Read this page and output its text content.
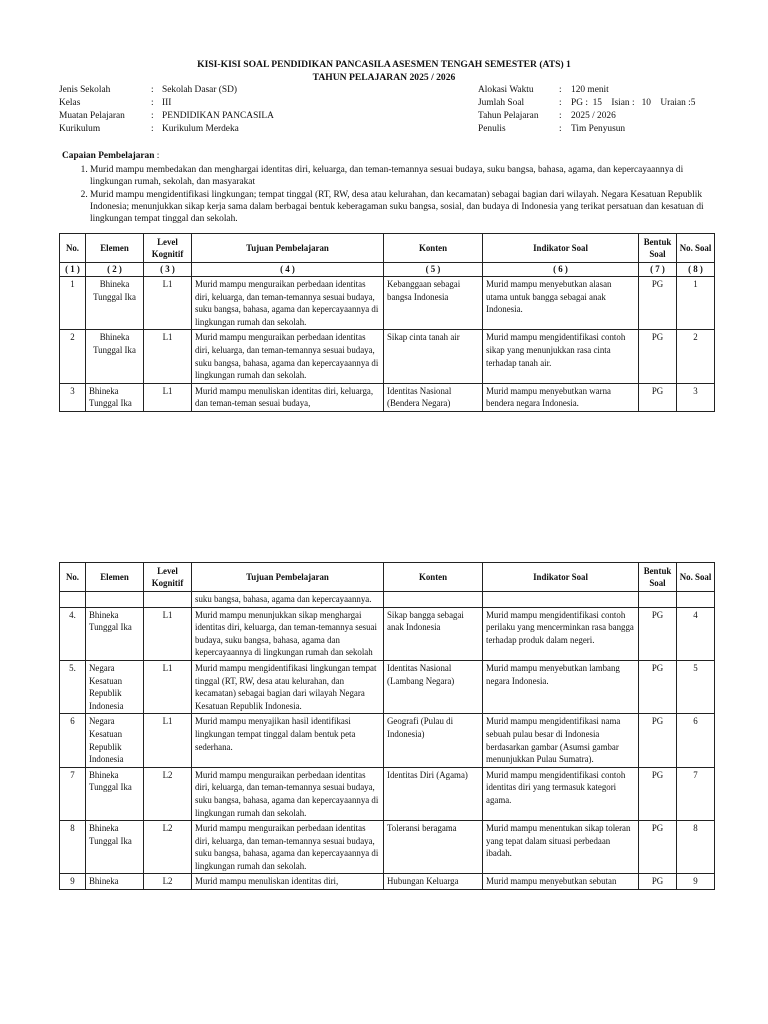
KISI-KISI SOAL PENDIDIKAN PANCASILA ASESMEN TENGAH SEMESTER (ATS) 1
TAHUN PELAJARAN 2025 / 2026
Jenis Sekolah	: Sekolah Dasar (SD)
Kelas	: III
Muatan Pelajaran	: PENDIDIKAN PANCASILA
Kurikulum	: Kurikulum Merdeka
Alokasi Waktu	: 120 menit
Jumlah Soal	: PG :  15    Isian :   10    Uraian :5
Tahun Pelajaran : 2025 / 2026
Penulis	: Tim Penyusun
Capaian Pembelajaran :
1. Murid mampu membedakan dan menghargai identitas diri, keluarga, dan teman-temannya sesuai budaya, suku bangsa, bahasa, agama, dan kepercayaannya di lingkungan rumah, sekolah, dan masyarakat
2. Murid mampu mengidentifikasi lingkungan; tempat tinggal (RT, RW, desa atau kelurahan, dan kecamatan) sebagai bagian dari wilayah. Negara Kesatuan Republik Indonesia; menunjukkan sikap kerja sama dalam berbagai bentuk keberagaman suku bangsa, sosial, dan budaya di Indonesia yang terikat persatuan dan kesatuan di lingkungan tempat tinggal dan sekolah.
No.	Elemen	Level Kognitif	Tujuan Pembelajaran	Konten	Indikator Soal	Bentuk Soal	No. Soal
( 1 )	( 2 )	( 3 )	( 4 )	( 5 )	( 6 )	( 7 )	( 8 )
1	Bhineka Tunggal Ika	L1	Murid mampu menguraikan perbedaan identitas diri, keluarga, dan teman-temannya sesuai budaya, suku bangsa, bahasa, agama dan kepercayaannya di lingkungan rumah dan sekolah.	Kebanggaan sebagai bangsa Indonesia	Murid mampu menyebutkan alasan utama untuk bangga sebagai anak Indonesia.	PG	1
2	Bhineka Tunggal Ika	L1	Murid mampu menguraikan perbedaan identitas diri, keluarga, dan teman-temannya sesuai budaya, suku bangsa, bahasa, agama dan kepercayaannya di lingkungan rumah dan sekolah.	Sikap cinta tanah air	Murid mampu mengidentifikasi contoh sikap yang menunjukkan rasa cinta terhadap tanah air.	PG	2
3	Bhineka Tunggal Ika	L1	Murid mampu menuliskan identitas diri, keluarga, dan teman-teman sesuai budaya,	Identitas Nasional (Bendera Negara)	Murid mampu menyebutkan warna bendera negara Indonesia.	PG	3
No.	Elemen	Level Kognitif	Tujuan Pembelajaran	Konten	Indikator Soal	Bentuk Soal	No. Soal
			suku bangsa, bahasa, agama dan kepercayaannya.				
4.	Bhineka Tunggal Ika	L1	Murid mampu menunjukkan sikap menghargai identitas diri, keluarga, dan teman-temannya sesuai budaya, suku bangsa, bahasa, agama dan kepercayaannya di lingkungan rumah dan sekolah	Sikap bangga sebagai anak Indonesia	Murid mampu mengidentifikasi contoh perilaku yang mencerminkan rasa bangga terhadap produk dalam negeri.	PG	4
5.	Negara Kesatuan Republik Indonesia	L1	Murid mampu mengidentifikasi lingkungan tempat tinggal (RT, RW, desa atau kelurahan, dan kecamatan) sebagai bagian dari wilayah Negara Kesatuan Republik Indonesia.	Identitas Nasional (Lambang Negara)	Murid mampu menyebutkan lambang negara Indonesia.	PG	5
6	Negara Kesatuan Republik Indonesia	L1	Murid mampu menyajikan hasil identifikasi lingkungan tempat tinggal dalam bentuk peta sederhana.	Geografi (Pulau di Indonesia)	Murid mampu mengidentifikasi nama sebuah pulau besar di Indonesia berdasarkan gambar (Asumsi gambar menunjukkan Pulau Sumatra).	PG	6
7	Bhineka Tunggal Ika	L2	Murid mampu menguraikan perbedaan identitas diri, keluarga, dan teman-temannya sesuai budaya, suku bangsa, bahasa, agama dan kepercayaannya di lingkungan rumah dan sekolah.	Identitas Diri (Agama)	Murid mampu mengidentifikasi contoh identitas diri yang termasuk kategori agama.	PG	7
8	Bhineka Tunggal Ika	L2	Murid mampu menguraikan perbedaan identitas diri, keluarga, dan teman-temannya sesuai budaya, suku bangsa, bahasa, agama dan kepercayaannya di lingkungan rumah dan sekolah.	Toleransi beragama	Murid mampu menentukan sikap toleran yang tepat dalam situasi perbedaan ibadah.	PG	8
9	Bhineka	L2	Murid mampu menuliskan identitas diri,	Hubungan Keluarga	Murid mampu menyebutkan sebutan	PG	9
